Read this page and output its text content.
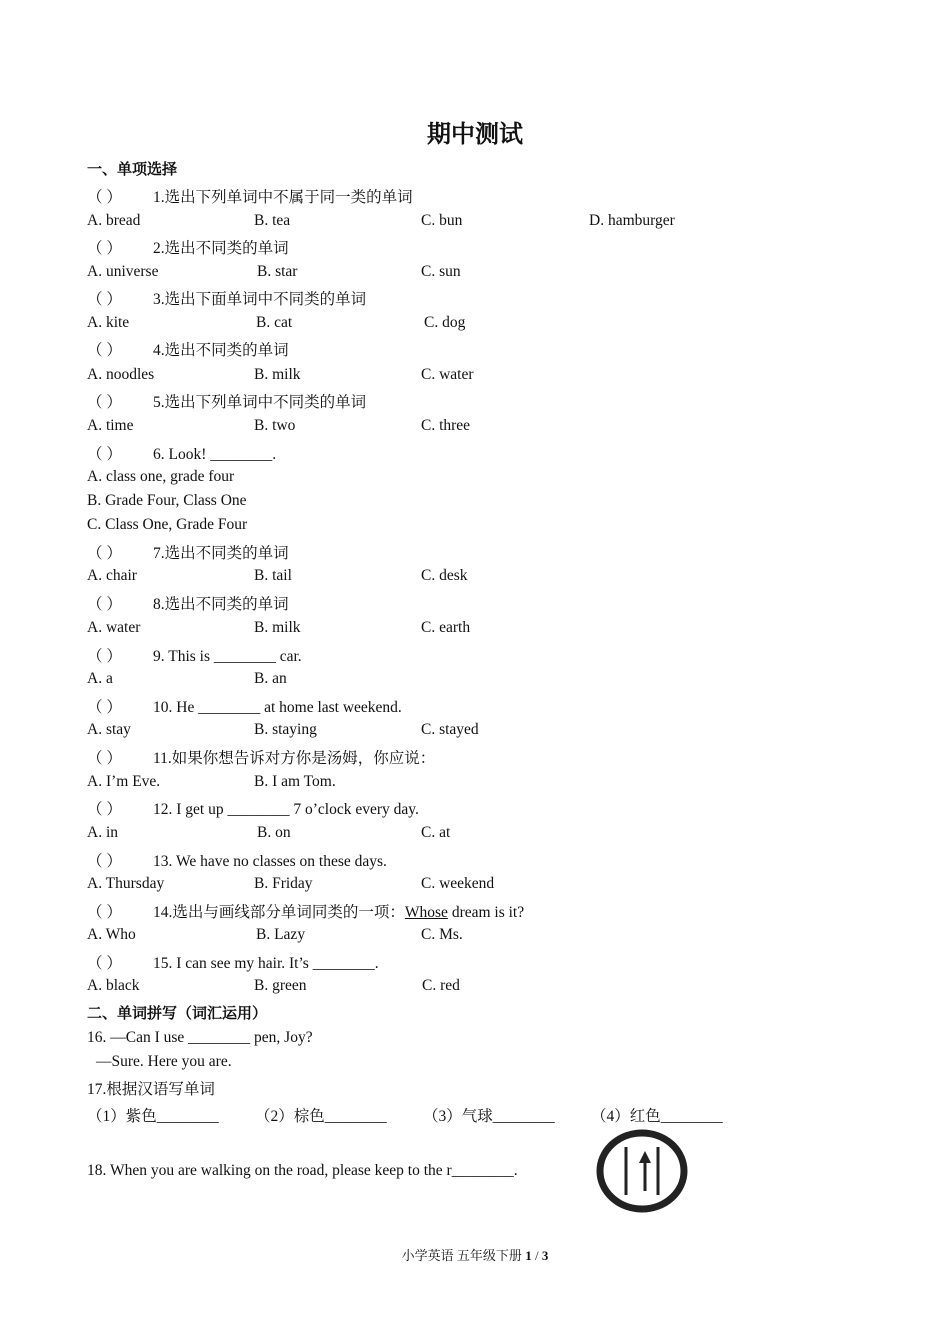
期中测试
一、单项选择
（ ） 1.选出下列单词中不属于同一类的单词
A. bread	B. tea	C. bun	D. hamburger
（ ） 2.选出不同类的单词
A. universe	B. star	C. sun
（ ） 3.选出下面单词中不同类的单词
A. kite	B. cat	C. dog
（ ） 4.选出不同类的单词
A. noodles	B. milk	C. water
（ ） 5.选出下列单词中不同类的单词
A. time	B. two	C. three
（ ） 6. Look! ________.
A. class one, grade four
B. Grade Four, Class One
C. Class One, Grade Four
（ ） 7.选出不同类的单词
A. chair	B. tail	C. desk
（ ） 8.选出不同类的单词
A. water	B. milk	C. earth
（ ） 9. This is ________ car.
A. a	B. an
（ ） 10. He ________ at home last weekend.
A. stay	B. staying	C. stayed
（ ） 11.如果你想告诉对方你是汤姆，你应说：
A. I’m Eve.	B. I am Tom.
（ ） 12. I get up ________ 7 o’clock every day.
A. in	B. on	C. at
（ ） 13. We have no classes on these days.
A. Thursday	B. Friday	C. weekend
（ ） 14.选出与画线部分单词同类的一项：Whose dream is it?
A. Who	B. Lazy	C. Ms.
（ ） 15. I can see my hair. It’s ________.
A. black	B. green	C. red
二、单词拼写（词汇运用）
16. —Can I use ________ pen, Joy?
—Sure. Here you are.
17.根据汉语写单词
（1）紫色________ （2）棕色________ （3）气球________ （4）红色________
18. When you are walking on the road, please keep to the r________.
小学英语 五年级下册 1 / 3
